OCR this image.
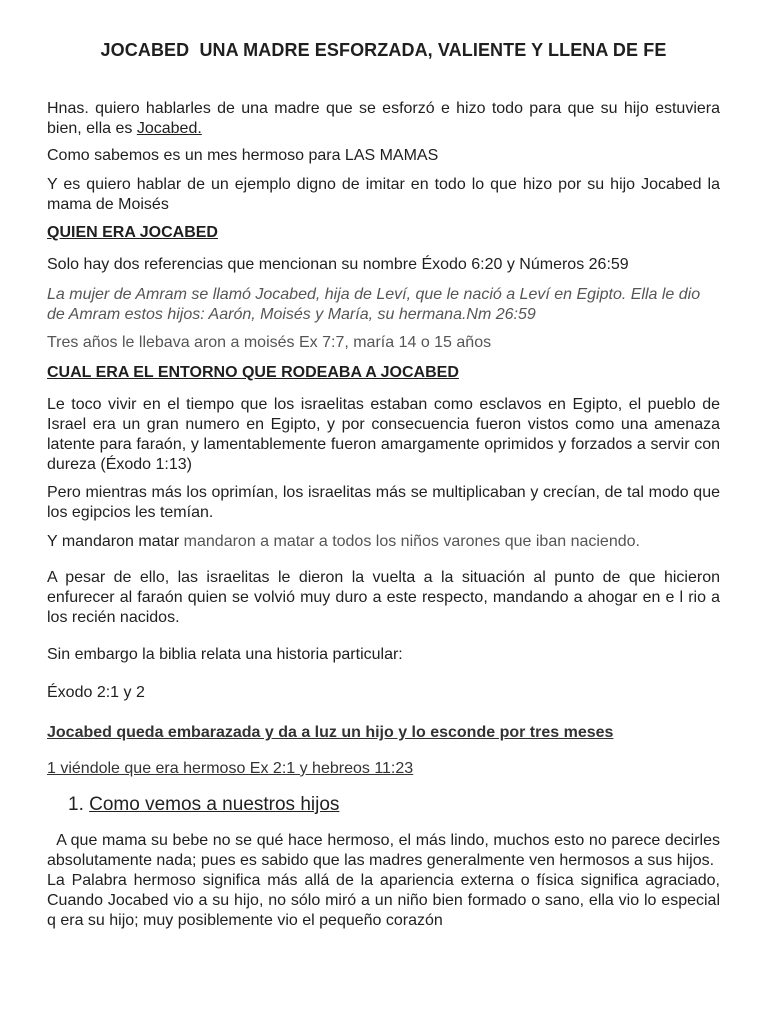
JOCABED  UNA MADRE ESFORZADA, VALIENTE Y LLENA DE FE

Hnas. quiero hablarles de una madre que se esforzó e hizo todo para que su hijo estuviera bien, ella es Jocabed.

Como sabemos es un mes hermoso para LAS MAMAS

Y es quiero hablar de un ejemplo digno de imitar en todo lo que hizo por su hijo Jocabed la mama de Moisés

QUIEN ERA JOCABED

Solo hay dos referencias que mencionan su nombre Éxodo 6:20 y Números 26:59

La mujer de Amram se llamó Jocabed, hija de Leví, que le nació a Leví en Egipto. Ella le dio de Amram estos hijos: Aarón, Moisés y María, su hermana.Nm 26:59

Tres años le llebava aron a moisés Ex 7:7, maría 14 o 15 años

CUAL ERA EL ENTORNO QUE RODEABA A JOCABED

Le toco vivir en el tiempo que los israelitas estaban como esclavos en Egipto, el pueblo de Israel era un gran numero en Egipto, y por consecuencia fueron vistos como una amenaza latente para faraón, y lamentablemente fueron amargamente oprimidos y forzados a servir con dureza (Éxodo 1:13)

Pero mientras más los oprimían, los israelitas más se multiplicaban y crecían, de tal modo que los egipcios les temían.

Y mandaron matar mandaron a matar a todos los niños varones que iban naciendo.

A pesar de ello, las israelitas le dieron la vuelta a la situación al punto de que hicieron enfurecer al faraón quien se volvió muy duro a este respecto, mandando a ahogar en e l rio a los recién nacidos.

Sin embargo la biblia relata una historia particular:

Éxodo 2:1 y 2

Jocabed queda embarazada y da a luz un hijo y lo esconde por tres meses

1 viéndole que era hermoso Ex 2:1 y hebreos 11:23

1. Como vemos a nuestros hijos

A que mama su bebe no se qué hace hermoso, el más lindo, muchos esto no parece decirles absolutamente nada; pues es sabido que las madres generalmente ven hermosos a sus hijos.

La Palabra hermoso significa más allá de la apariencia externa o física significa agraciado, Cuando Jocabed vio a su hijo, no sólo miró a un niño bien formado o sano, ella vio lo especial q era su hijo; muy posiblemente vio el pequeño corazón
